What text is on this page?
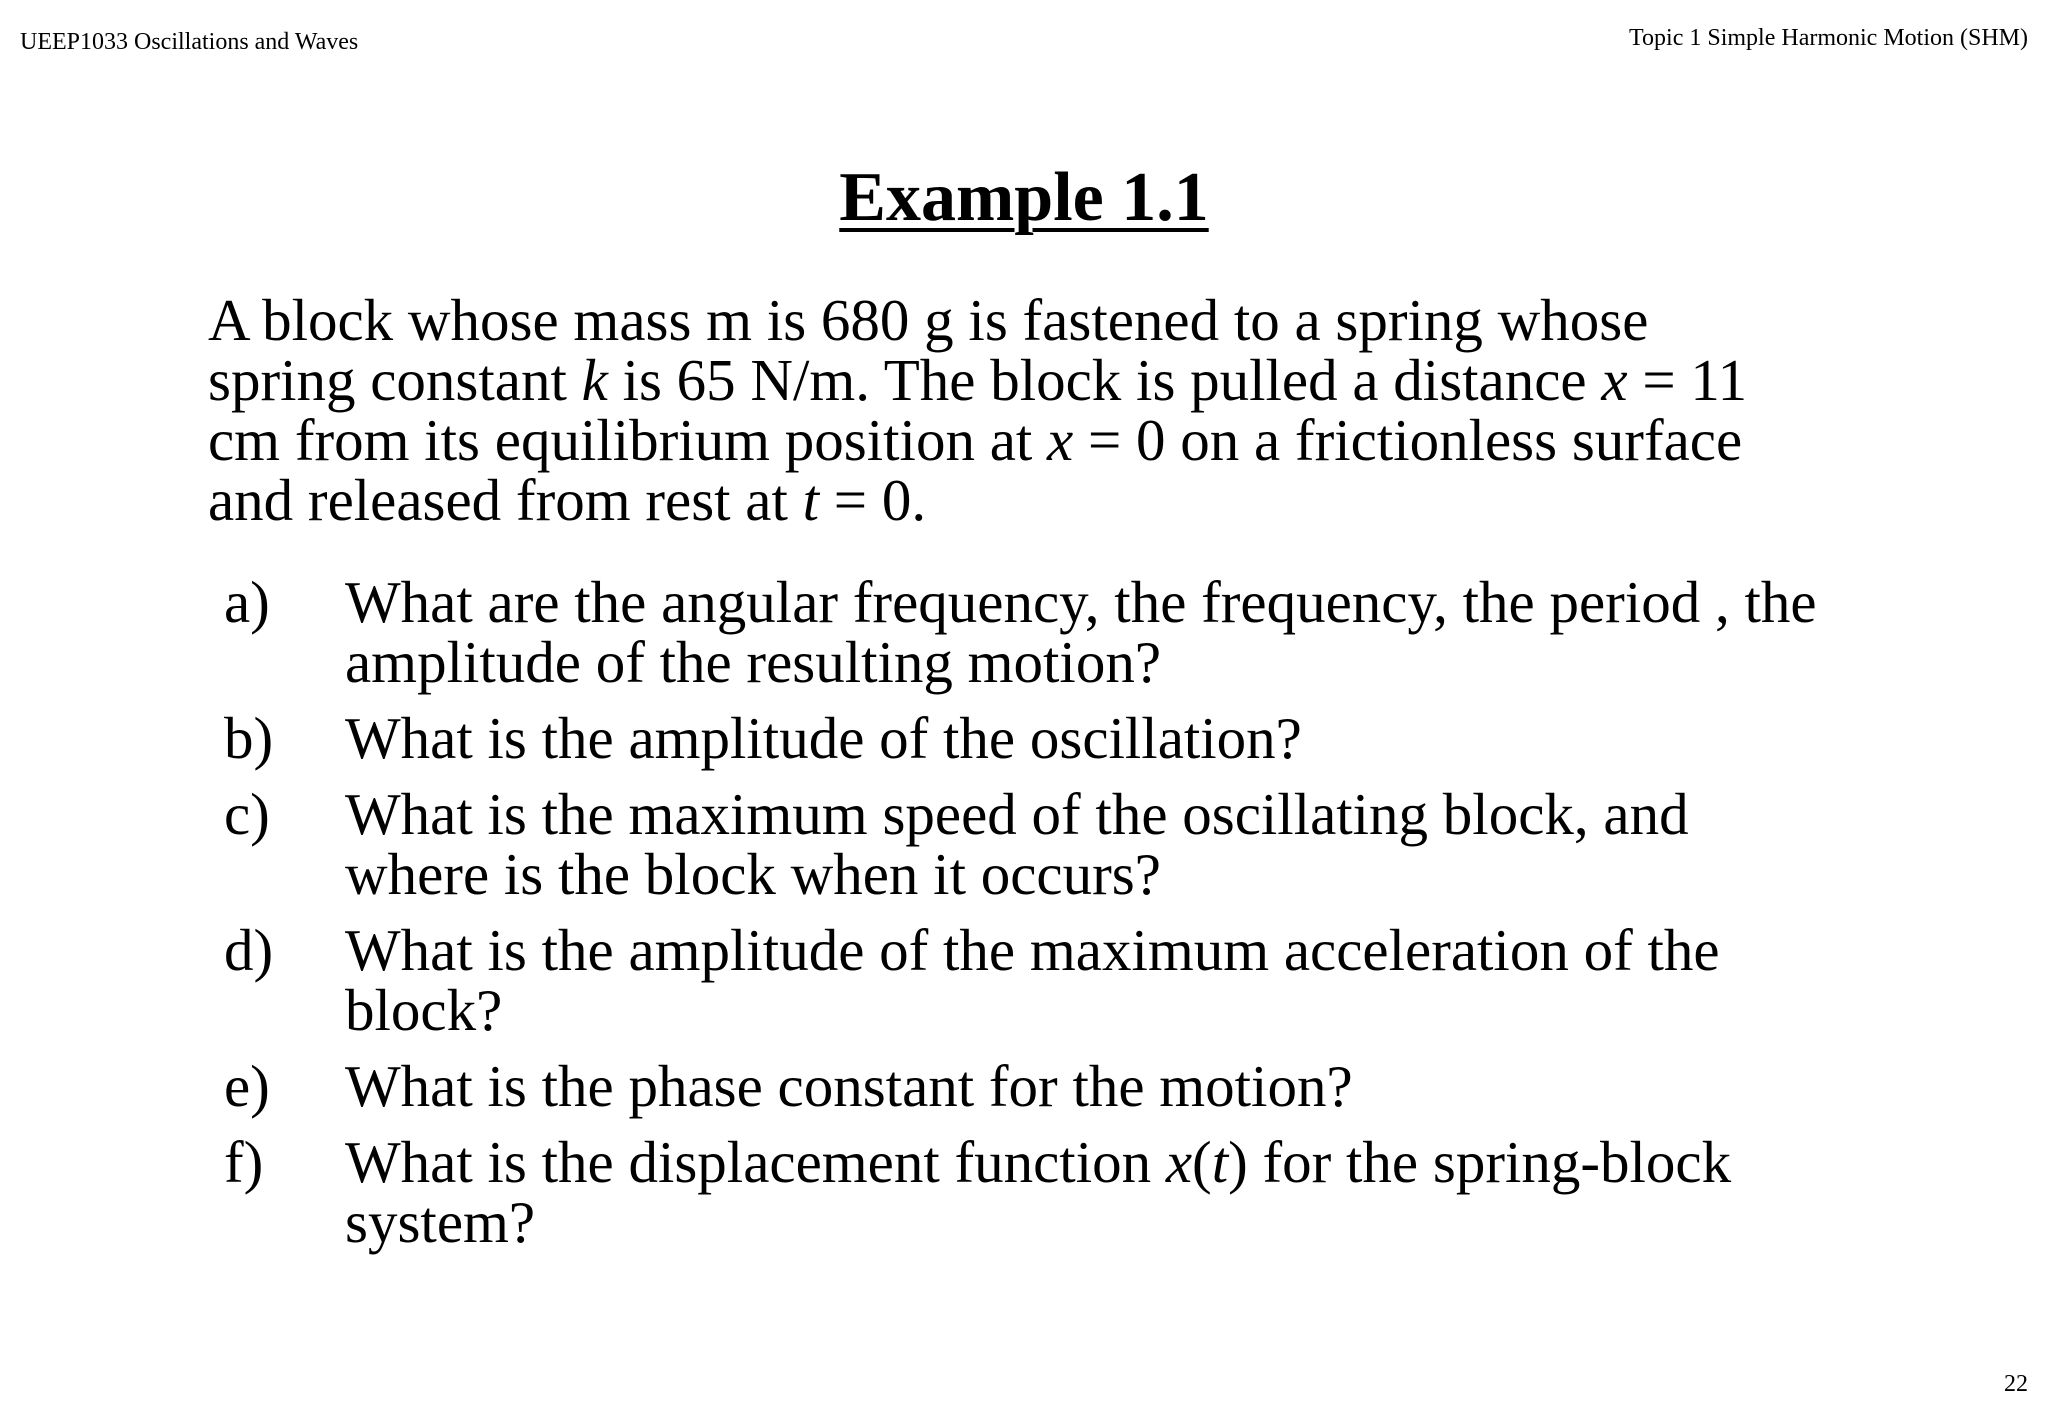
UEEP1033 Oscillations and Waves	Topic 1 Simple Harmonic Motion (SHM)
Example 1.1
A block whose mass m is 680 g is fastened to a spring whose
spring constant k is 65 N/m. The block is pulled a distance x = 11
cm from its equilibrium position at x = 0 on a frictionless surface
and released from rest at t = 0.
a) What are the angular frequency, the frequency, the period , the
amplitude of the resulting motion?
b) What is the amplitude of the oscillation?
c) What is the maximum speed of the oscillating block, and
where is the block when it occurs?
d) What is the amplitude of the maximum acceleration of the
block?
e) What is the phase constant for the motion?
f) What is the displacement function x(t) for the spring-block
system?
22
